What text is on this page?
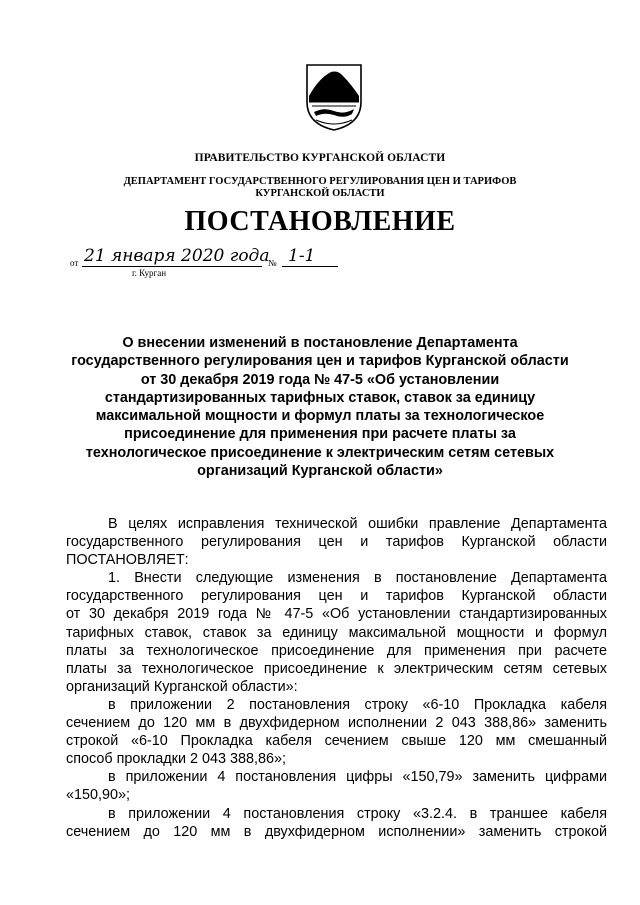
ПРАВИТЕЛЬСТВО КУРГАНСКОЙ ОБЛАСТИ
ДЕПАРТАМЕНТ ГОСУДАРСТВЕННОГО РЕГУЛИРОВАНИЯ ЦЕН И ТАРИФОВ
КУРГАНСКОЙ ОБЛАСТИ
ПОСТАНОВЛЕНИЕ
от 21 января 2020 года
№ 1-1
г. Курган
О внесении изменений в постановление Департамента
государственного регулирования цен и тарифов Курганской области
от 30 декабря 2019 года № 47-5 «Об установлении
стандартизированных тарифных ставок, ставок за единицу
максимальной мощности и формул платы за технологическое
присоединение для применения при расчете платы за
технологическое присоединение к электрическим сетям сетевых
организаций Курганской области»
В целях исправления технической ошибки правление Департамента
государственного регулирования цен и тарифов Курганской области
ПОСТАНОВЛЯЕТ:
1. Внести следующие изменения в постановление Департамента
государственного регулирования цен и тарифов Курганской области
от 30 декабря 2019 года № 47-5 «Об установлении стандартизированных
тарифных ставок, ставок за единицу максимальной мощности и формул
платы за технологическое присоединение для применения при расчете
платы за технологическое присоединение к электрическим сетям сетевых
организаций Курганской области»:
в приложении 2 постановления строку «6-10 Прокладка кабеля
сечением до 120 мм в двухфидерном исполнении 2 043 388,86» заменить
строкой «6-10 Прокладка кабеля сечением свыше 120 мм смешанный
способ прокладки 2 043 388,86»;
в приложении 4 постановления цифры «150,79» заменить цифрами
«150,90»;
в приложении 4 постановления строку «3.2.4. в траншее кабеля
сечением до 120 мм в двухфидерном исполнении» заменить строкой
